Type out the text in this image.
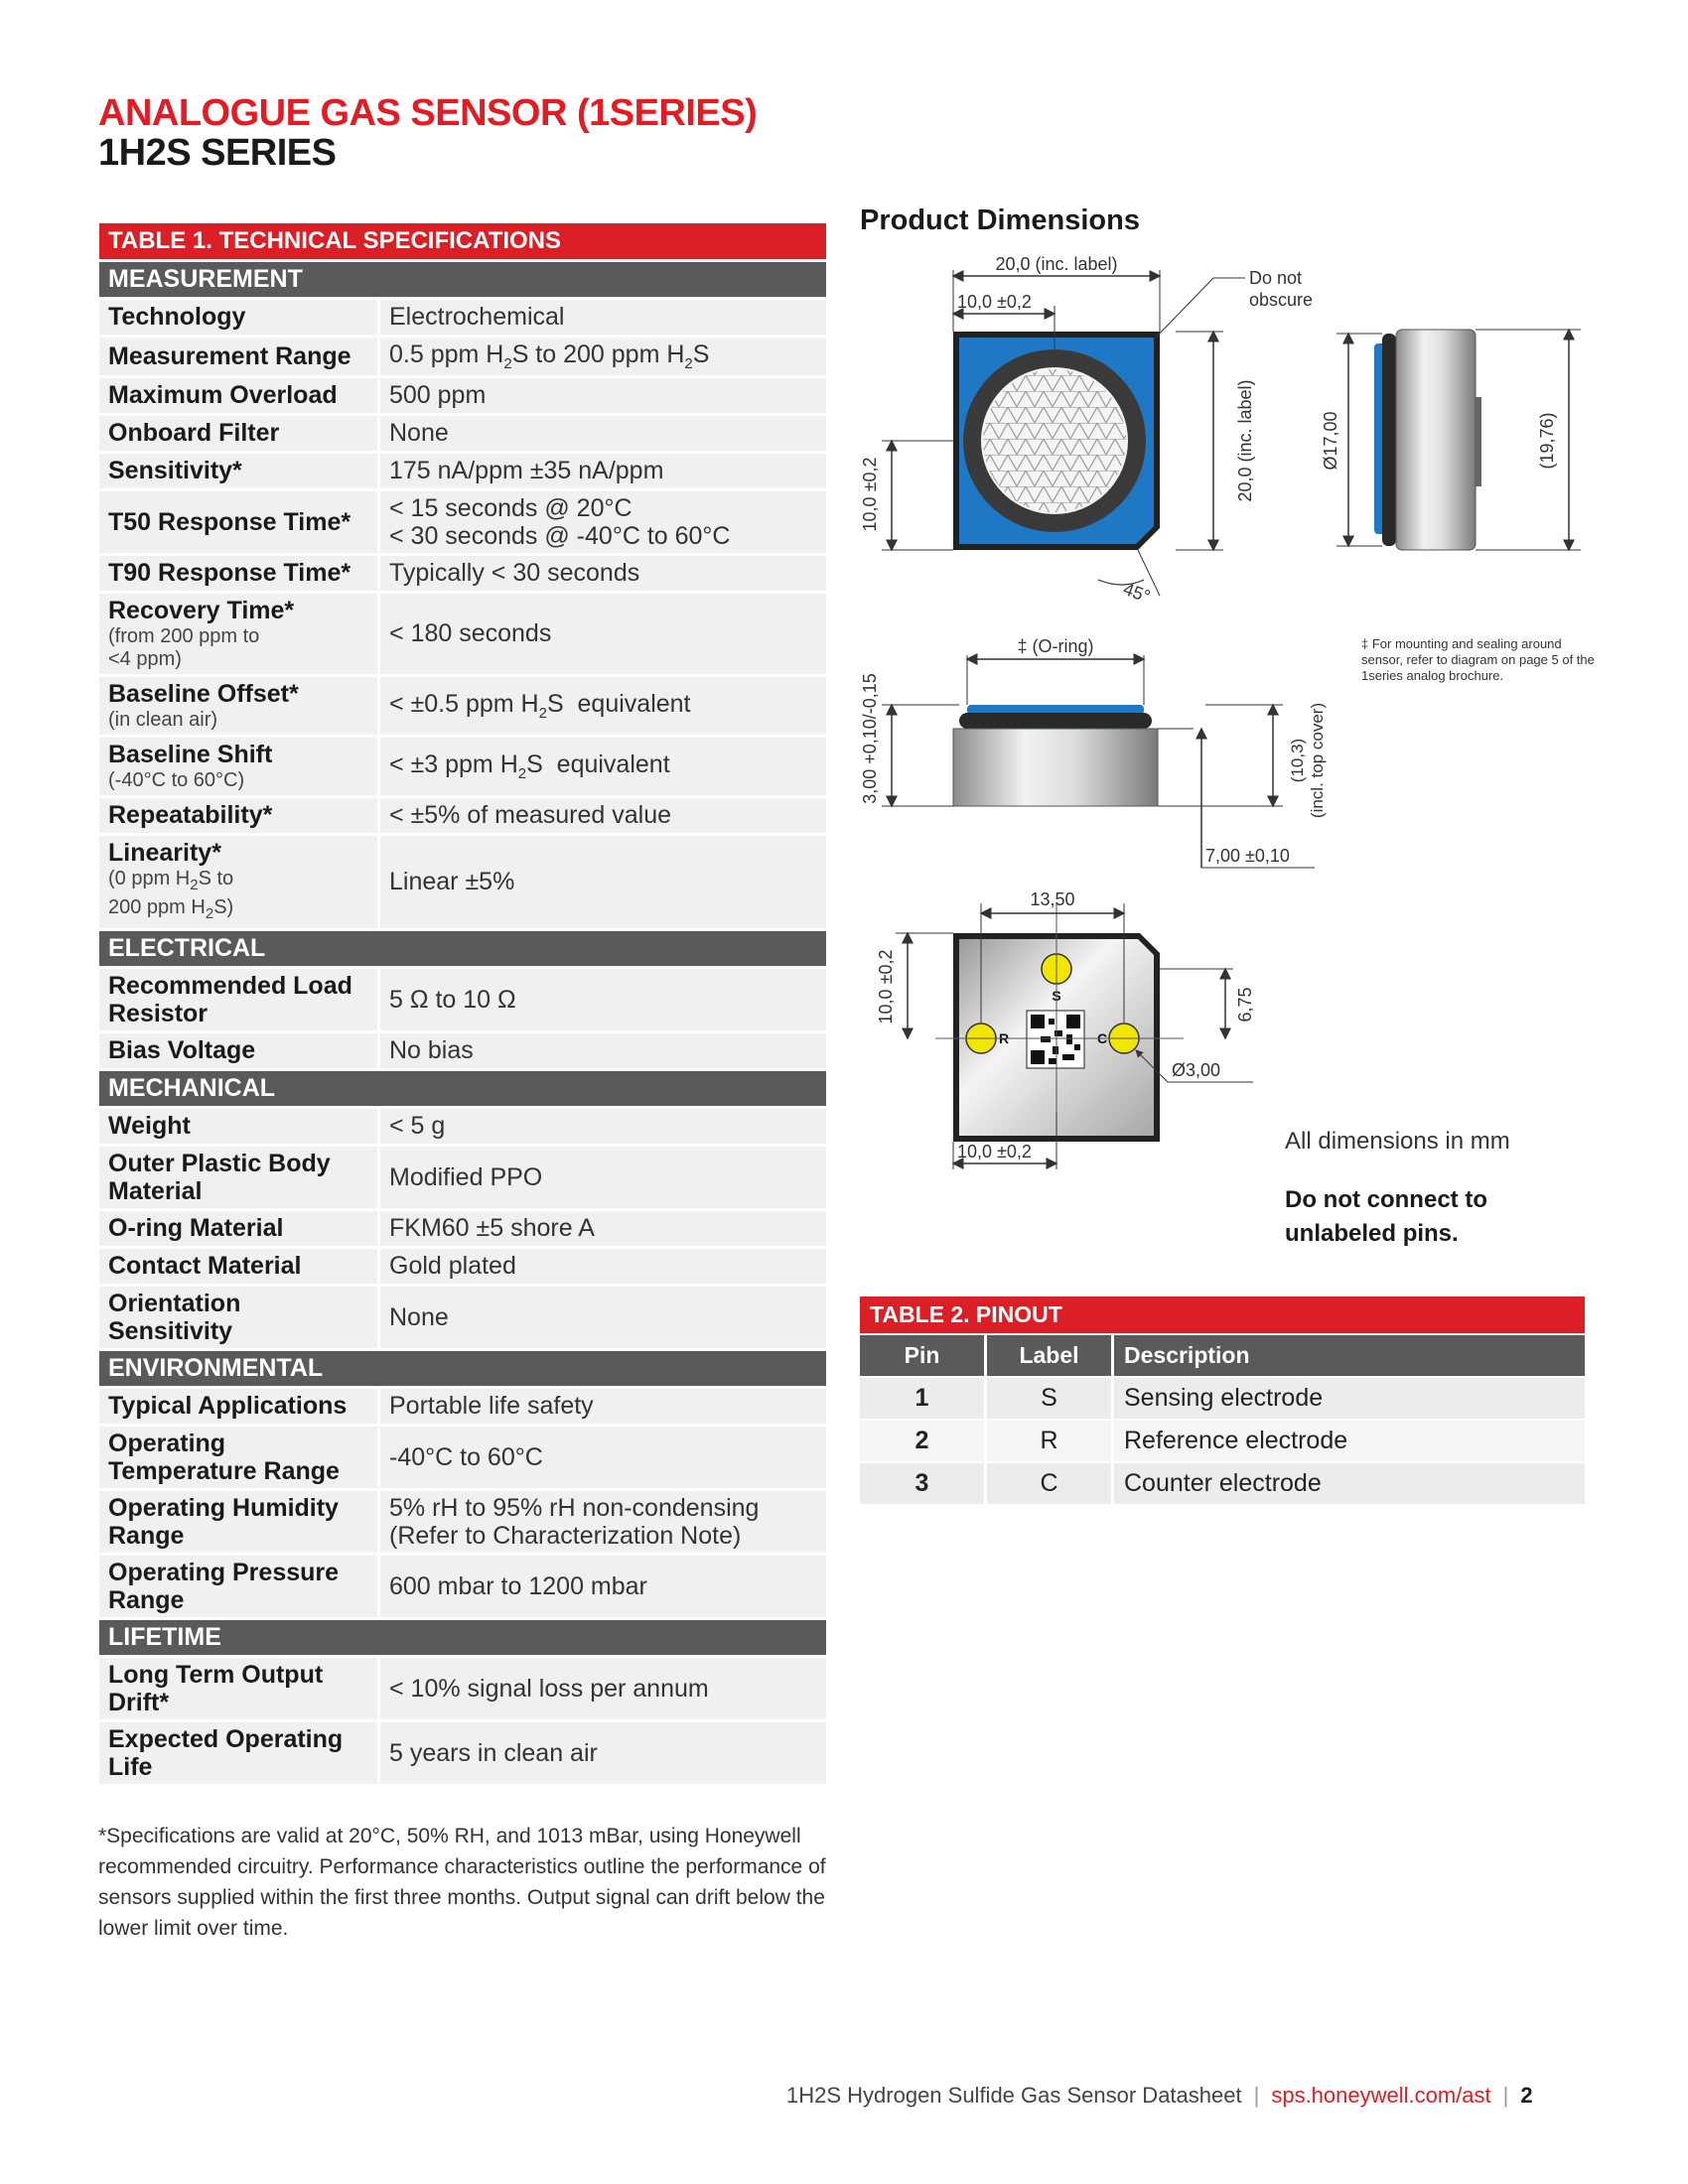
ANALOGUE GAS SENSOR (1SERIES)
1H2S SERIES
TABLE 1. TECHNICAL SPECIFICATIONS	
MEASUREMENT	
Technology	Electrochemical
Measurement Range	0.5 ppm $H_2S$ to 200 ppm $H_2S$
Maximum Overload	500 ppm
Onboard Filter	None
Sensitivity*	175 nA/ppm ±35 nA/ppm
T50 Response Time*	< 15 seconds @ 20°C
< 30 seconds @ -40°C to 60°C

T90 Response Time*	Typically < 30 seconds
Recovery Time*
(from 200 ppm to
<4 ppm)	< 180 seconds
Baseline Offset*
(in clean air)	< ±0.5 ppm $H_2S$  equivalent
Baseline Shift
(-40°C to 60°C)	< ±3 ppm $H_2S$  equivalent
Repeatability*	< ±5% of measured value
Linearity*
(0 ppm $H_2S$ to
200 ppm $H_2S$)	Linear ±5%
ELECTRICAL	

Recommended Load
Resistor	5 Ω to 10 Ω
Bias Voltage	No bias
MECHANICAL	
Weight	< 5 g

Outer Plastic Body
Material	Modified PPO
O-ring Material	FKM60 ±5 shore A
Contact Material	Gold plated

Orientation
Sensitivity	None
ENVIRONMENTAL	
Typical Applications	Portable life safety

Operating
Temperature Range	-40°C to 60°C

Operating Humidity
Range	5% rH to 95% rH non-condensing
(Refer to Characterization Note)

Operating Pressure
Range	600 mbar to 1200 mbar
LIFETIME	

Long Term Output
Drift*	< 10% signal loss per annum

Expected Operating
Life	5 years in clean air
*Specifications are valid at 20°C, 50% RH, and 1013 mBar, using Honeywell recommended circuitry. Performance characteristics outline the performance of sensors supplied within the first three months. Output signal can drift below the lower limit over time.
Product Dimensions
20,0 (inc. label)
10,0 ±0,2
Do not
obscure
20,0 (inc. label)
10,0 ±0,2
45°
Ø17,00	(19,76)
‡ (O-ring)
3,00 +0,10/-0,15
7,00 ±0,10
(10,3) (incl. top cover)
S
R	C
13,50
10,0 ±0,2	6,75
Ø3,00
10,0 ±0,2
‡ For mounting and sealing around sensor, refer to diagram on page 5 of the 1series analog brochure.
All dimensions in mm
Do not connect to unlabeled pins.
TABLE 2. PINOUT		
Pin	Label	Description
1	S	Sensing electrode
2	R	Reference electrode
3	C	Counter electrode
1H2S Hydrogen Sulfide Gas Sensor Datasheet | sps.honeywell.com/ast | 2
